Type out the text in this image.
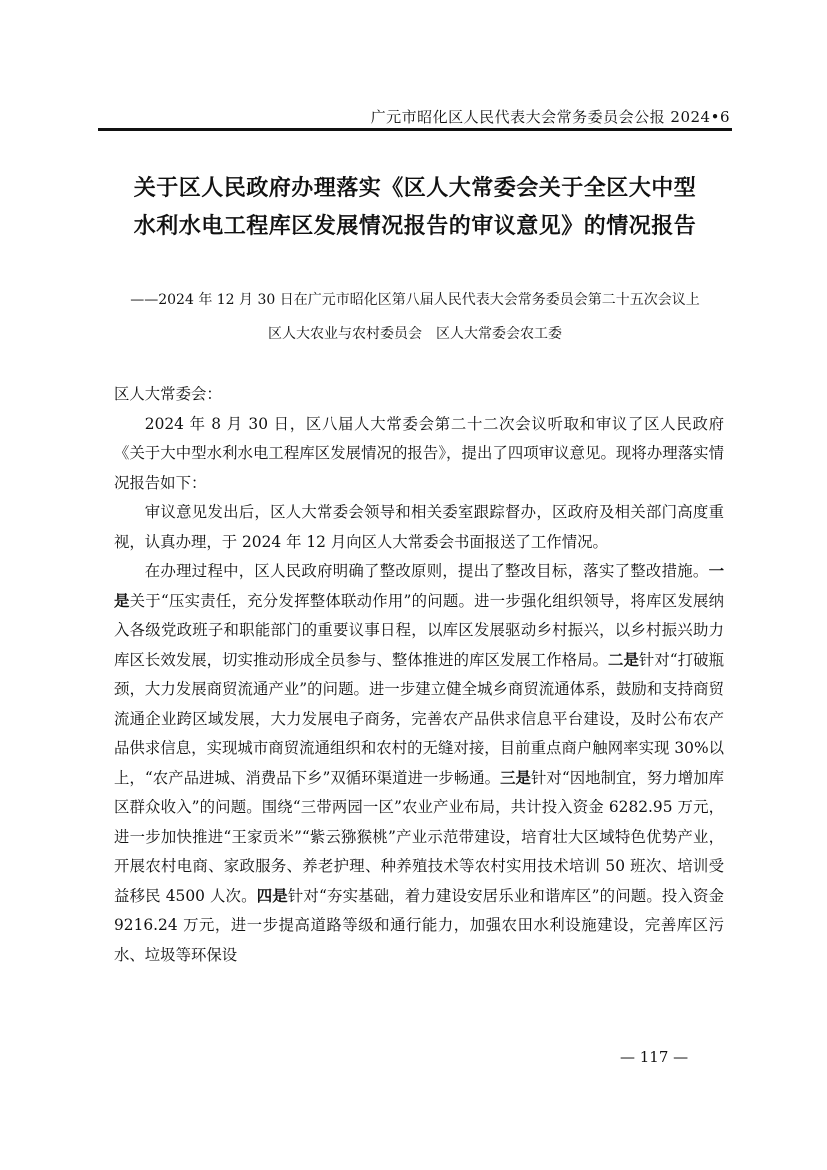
广元市昭化区人民代表大会常务委员会公报 2024•6
关于区人民政府办理落实《区人大常委会关于全区大中型
水利水电工程库区发展情况报告的审议意见》的情况报告
——2024 年 12 月 30 日在广元市昭化区第八届人民代表大会常务委员会第二十五次会议上
区人大农业与农村委员会　区人大常委会农工委

区人大常委会：

2024 年 8 月 30 日，区八届人大常委会第二十二次会议听取和审议了区人民政府《关于大中型水利水电工程库区发展情况的报告》，提出了四项审议意见。现将办理落实情况报告如下：

审议意见发出后，区人大常委会领导和相关委室跟踪督办，区政府及相关部门高度重视，认真办理，于 2024 年 12 月向区人大常委会书面报送了工作情况。

在办理过程中，区人民政府明确了整改原则，提出了整改目标，落实了整改措施。一是关于“压实责任，充分发挥整体联动作用”的问题。进一步强化组织领导，将库区发展纳入各级党政班子和职能部门的重要议事日程，以库区发展驱动乡村振兴，以乡村振兴助力库区长效发展，切实推动形成全员参与、整体推进的库区发展工作格局。二是针对“打破瓶颈，大力发展商贸流通产业”的问题。进一步建立健全城乡商贸流通体系，鼓励和支持商贸流通企业跨区域发展，大力发展电子商务，完善农产品供求信息平台建设，及时公布农产品供求信息，实现城市商贸流通组织和农村的无缝对接，目前重点商户触网率实现 30%以上，“农产品进城、消费品下乡”双循环渠道进一步畅通。三是针对“因地制宜，努力增加库区群众收入”的问题。围绕“三带两园一区”农业产业布局，共计投入资金 6282.95 万元，进一步加快推进“王家贡米”“紫云猕猴桃”产业示范带建设，培育壮大区域特色优势产业，开展农村电商、家政服务、养老护理、种养殖技术等农村实用技术培训 50 班次、培训受益移民 4500 人次。四是针对“夯实基础，着力建设安居乐业和谐库区”的问题。投入资金 9216.24 万元，进一步提高道路等级和通行能力，加强农田水利设施建设，完善库区污水、垃圾等环保设

— 117 —
